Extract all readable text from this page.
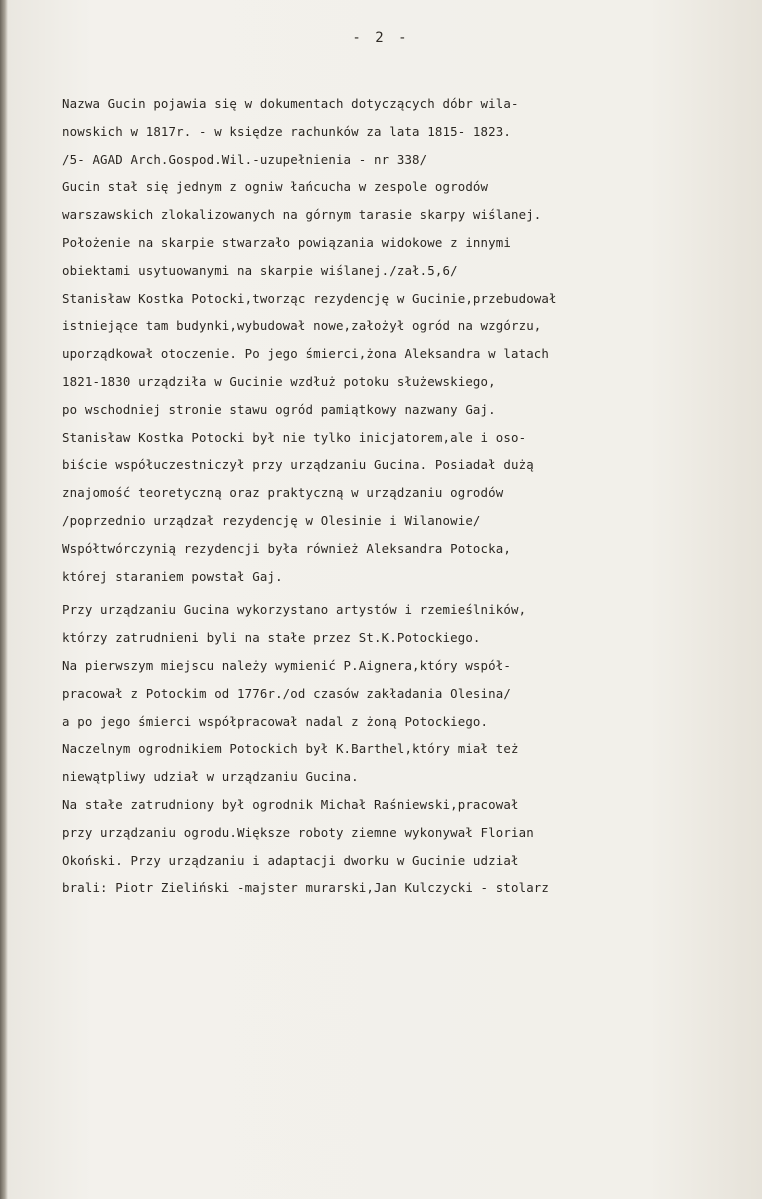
- 2 -
Nazwa Gucin pojawia się w dokumentach dotyczących dóbr wila-
nowskich w 1817r. - w księdze rachunków za lata 1815- 1823.
/5- AGAD Arch.Gospod.Wil.-uzupełnienia - nr 338/
Gucin stał się jednym z ogniw łańcucha w zespole ogrodów
warszawskich zlokalizowanych na górnym tarasie skarpy wiślanej.
Położenie na skarpie stwarzało powiązania widokowe z innymi
obiektami usytuowanymi na skarpie wiślanej./zał.5,6/
Stanisław Kostka Potocki,tworząc rezydencję w Gucinie,przebudował
istniejące tam budynki,wybudował nowe,założył ogród na wzgórzu,
uporządkował otoczenie. Po jego śmierci,żona Aleksandra w latach
1821-1830 urządziła w Gucinie wzdłuż potoku służewskiego,
po wschodniej stronie stawu ogród pamiątkowy nazwany Gaj.
Stanisław Kostka Potocki był nie tylko inicjatorem,ale i oso-
biście współuczestniczył przy urządzaniu Gucina. Posiadał dużą
znajomość teoretyczną oraz praktyczną w urządzaniu ogrodów
/poprzednio urządzał rezydencję w Olesinie i Wilanowie/
Współtwórczynią rezydencji była również Aleksandra Potocka,
której staraniem powstał Gaj.
Przy urządzaniu Gucina wykorzystano artystów i rzemieślników,
którzy zatrudnieni byli na stałe przez St.K.Potockiego.
Na pierwszym miejscu należy wymienić P.Aignera,który współ-
pracował z Potockim od 1776r./od czasów zakładania Olesina/
a po jego śmierci współpracował nadal z żoną Potockiego.
Naczelnym ogrodnikiem Potockich był K.Barthel,który miał też
niewątpliwy udział w urządzaniu Gucina.
Na stałe zatrudniony był ogrodnik Michał Raśniewski,pracował
przy urządzaniu ogrodu.Większe roboty ziemne wykonywał Florian
Okoński. Przy urządzaniu i adaptacji dworku w Gucinie udział
brali: Piotr Zieliński -majster murarski,Jan Kulczycki - stolarz
